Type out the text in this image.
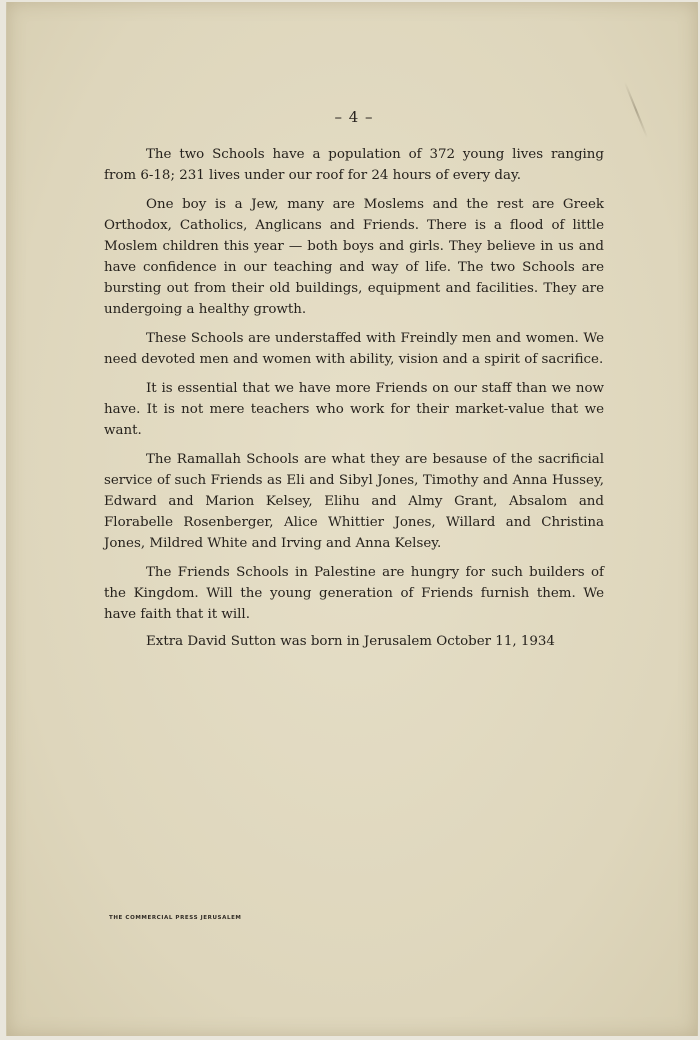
– 4 –

The two Schools have a population of 372 young lives ranging from 6-18; 231 lives under our roof for 24 hours of every day.

One boy is a Jew, many are Moslems and the rest are Greek Orthodox, Catholics, Anglicans and Friends. There is a flood of little Moslem children this year — both boys and girls. They believe in us and have confidence in our teaching and way of life. The two Schools are bursting out from their old buildings, equipment and facilities. They are undergoing a healthy growth.

These Schools are understaffed with Freindly men and women. We need devoted men and women with ability, vision and a spirit of sacrifice.

It is essential that we have more Friends on our staff than we now have. It is not mere teachers who work for their market-value that we want.

The Ramallah Schools are what they are besause of the sacrificial service of such Friends as Eli and Sibyl Jones, Timothy and Anna Hussey, Edward and Marion Kelsey, Elihu and Almy Grant, Absalom and Florabelle Rosenberger, Alice Whittier Jones, Willard and Christina Jones, Mildred White and Irving and Anna Kelsey.

The Friends Schools in Palestine are hungry for such builders of the Kingdom. Will the young generation of Friends furnish them. We have faith that it will.

Extra David Sutton was born in Jerusalem October 11, 1934

THE COMMERCIAL PRESS JERUSALEM
